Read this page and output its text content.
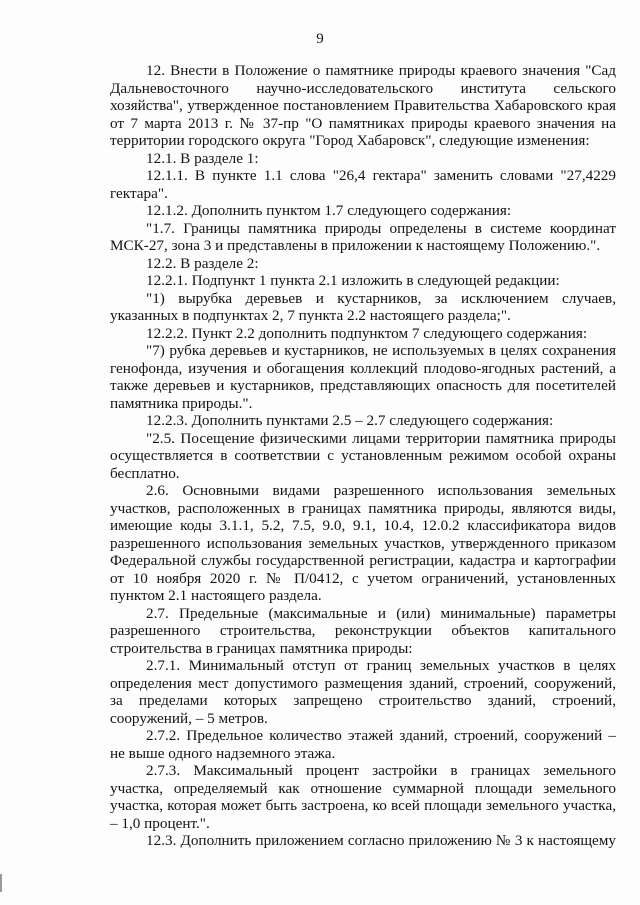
9

12. Внести в Положение о памятнике природы краевого значения "Сад Дальневосточного научно-исследовательского института сельского хозяйства", утвержденное постановлением Правительства Хабаровского края от 7 марта 2013 г. № 37-пр "О памятниках природы краевого значения на территории городского округа "Город Хабаровск", следующие изменения:

12.1. В разделе 1:

12.1.1. В пункте 1.1 слова "26,4 гектара" заменить словами "27,4229 гектара".

12.1.2. Дополнить пунктом 1.7 следующего содержания:

"1.7. Границы памятника природы определены в системе координат МСК-27, зона 3 и представлены в приложении к настоящему Положению.".

12.2. В разделе 2:

12.2.1. Подпункт 1 пункта 2.1 изложить в следующей редакции:

"1) вырубка деревьев и кустарников, за исключением случаев, указанных в подпунктах 2, 7 пункта 2.2 настоящего раздела;".

12.2.2. Пункт 2.2 дополнить подпунктом 7 следующего содержания:

"7) рубка деревьев и кустарников, не используемых в целях сохранения генофонда, изучения и обогащения коллекций плодово-ягодных растений, а также деревьев и кустарников, представляющих опасность для посетителей памятника природы.".

12.2.3. Дополнить пунктами 2.5 – 2.7 следующего содержания:

"2.5. Посещение физическими лицами территории памятника природы осуществляется в соответствии с установленным режимом особой охраны бесплатно.

2.6. Основными видами разрешенного использования земельных участков, расположенных в границах памятника природы, являются виды, имеющие коды 3.1.1, 5.2, 7.5, 9.0, 9.1, 10.4, 12.0.2 классификатора видов разрешенного использования земельных участков, утвержденного приказом Федеральной службы государственной регистрации, кадастра и картографии от 10 ноября 2020 г. № П/0412, с учетом ограничений, установленных пунктом 2.1 настоящего раздела.

2.7. Предельные (максимальные и (или) минимальные) параметры разрешенного строительства, реконструкции объектов капитального строительства в границах памятника природы:

2.7.1. Минимальный отступ от границ земельных участков в целях определения мест допустимого размещения зданий, строений, сооружений, за пределами которых запрещено строительство зданий, строений, сооружений, – 5 метров.

2.7.2. Предельное количество этажей зданий, строений, сооружений – не выше одного надземного этажа.

2.7.3. Максимальный процент застройки в границах земельного участка, определяемый как отношение суммарной площади земельного участка, которая может быть застроена, ко всей площади земельного участка, – 1,0 процент.".

12.3. Дополнить приложением согласно приложению № 3 к настоящему
